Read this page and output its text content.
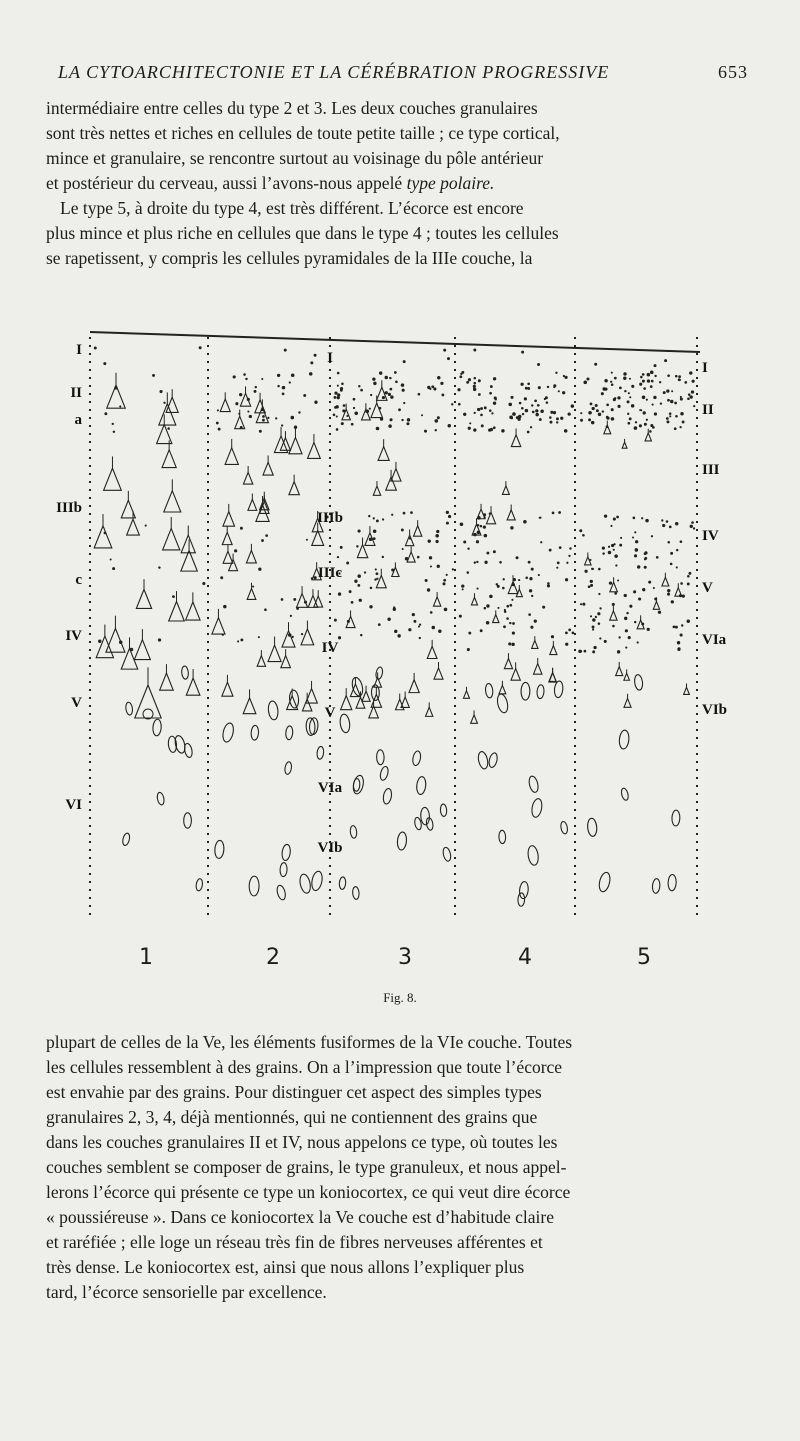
LA CYTOARCHITECTONIE ET LA CÉRÉBRATION PROGRESSIVE	653
intermédiaire entre celles du type 2 et 3. Les deux couches granulaires
sont très nettes et riches en cellules de toute petite taille ; ce type cortical,
mince et granulaire, se rencontre surtout au voisinage du pôle antérieur
et postérieur du cerveau, aussi l’avons-nous appelé type polaire.
Le type 5, à droite du type 4, est très différent. L’écorce est encore
plus mince et plus riche en cellules que dans le type 4 ; toutes les cellules
se rapetissent, y compris les cellules pyramidales de la IIIe couche, la
I
II
a
IIIb
c
IV
V
VI
I
II
III
IV
V
VIa
VIb
I
IIIb
IIIc
IV
V
VIa
VIb
1	2	3	4	5
Fig. 8.
plupart de celles de la Ve, les éléments fusiformes de la VIe couche. Toutes
les cellules ressemblent à des grains. On a l’impression que toute l’écorce
est envahie par des grains. Pour distinguer cet aspect des simples types
granulaires 2, 3, 4, déjà mentionnés, qui ne contiennent des grains que
dans les couches granulaires II et IV, nous appelons ce type, où toutes les
couches semblent se composer de grains, le type granuleux, et nous appel-
lerons l’écorce qui présente ce type un koniocortex, ce qui veut dire écorce
« poussiéreuse ». Dans ce koniocortex la Ve couche est d’habitude claire
et raréfiée ; elle loge un réseau très fin de fibres nerveuses afférentes et
très dense. Le koniocortex est, ainsi que nous allons l’expliquer plus
tard, l’écorce sensorielle par excellence.
